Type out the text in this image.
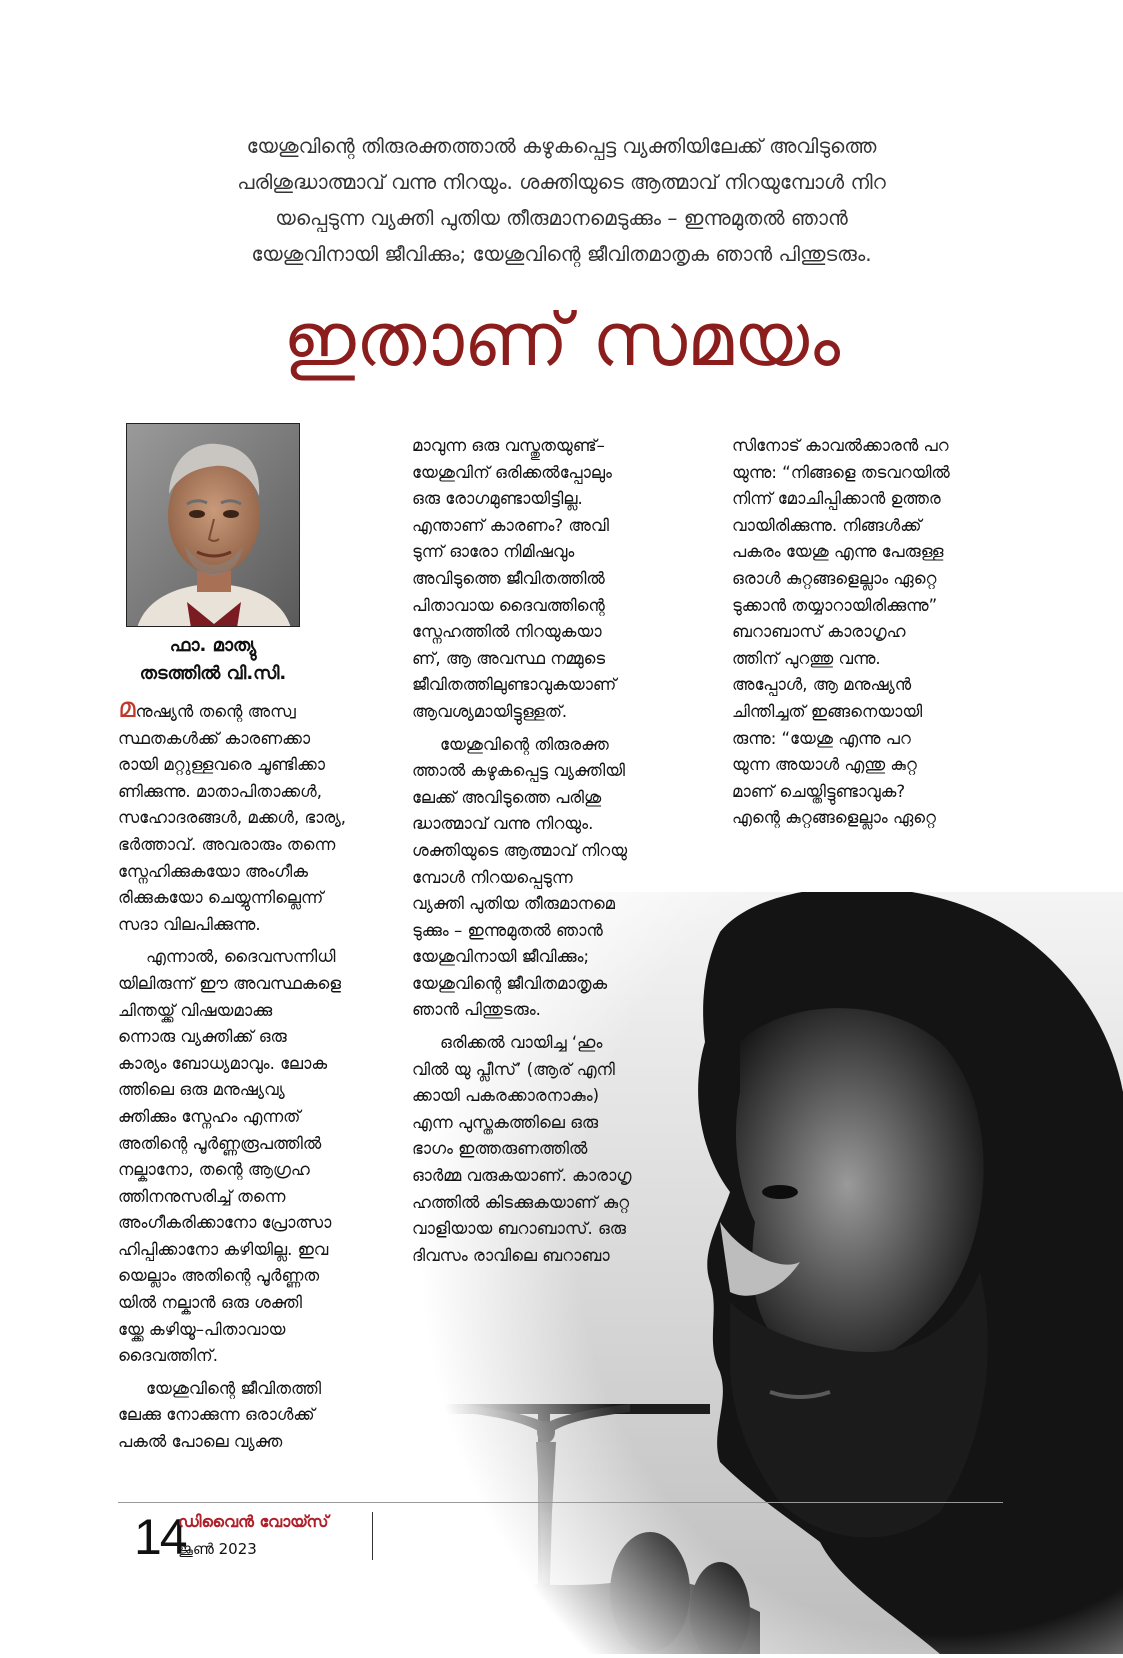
യേശുവിന്റെ തിരുരക്തത്താൽ കഴുകപ്പെട്ട വ്യക്തിയിലേക്ക് അവിടുത്തെ
പരിശുദ്ധാത്മാവ് വന്നു നിറയും. ശക്തിയുടെ ആത്മാവ് നിറയുമ്പോൾ നിറ
യപ്പെടുന്ന വ്യക്തി പുതിയ തീരുമാനമെടുക്കും – ഇന്നുമുതൽ ഞാൻ
യേശുവിനായി ജീവിക്കും; യേശുവിന്റെ ജീവിതമാതൃക ഞാൻ പിന്തുടരും.
ഇതാണ് സമയം
ഫാ. മാത്യു
തടത്തിൽ വി.സി.

മനുഷ്യൻ തന്റെ അസ്വ
സ്ഥതകൾക്ക് കാരണക്കാ
രായി മറ്റുള്ളവരെ ചൂണ്ടിക്കാ
ണിക്കുന്നു. മാതാപിതാക്കൾ,
സഹോദരങ്ങൾ, മക്കൾ, ഭാര്യ,
ഭർത്താവ്. അവരാരും തന്നെ
സ്നേഹിക്കുകയോ അംഗീക
രിക്കുകയോ ചെയ്യുന്നില്ലെന്ന്
സദാ വിലപിക്കുന്നു.

എന്നാൽ, ദൈവസന്നിധി
യിലിരുന്ന് ഈ അവസ്ഥകളെ
ചിന്തയ്ക്ക് വിഷയമാക്കു
ന്നൊരു വ്യക്തിക്ക് ഒരു
കാര്യം ബോധ്യമാവും. ലോക
ത്തിലെ ഒരു മനുഷ്യവ്യ
ക്തിക്കും സ്നേഹം എന്നത്
അതിന്റെ പൂർണ്ണരൂപത്തിൽ
നല്കാനോ, തന്റെ ആഗ്രഹ
ത്തിനനുസരിച്ച് തന്നെ
അംഗീകരിക്കാനോ പ്രോത്സാ
ഹിപ്പിക്കാനോ കഴിയില്ല. ഇവ
യെല്ലാം അതിന്റെ പൂർണ്ണത
യിൽ നല്കാൻ ഒരു ശക്തി
യ്ക്കേ കഴിയൂ–പിതാവായ
ദൈവത്തിന്.

യേശുവിന്റെ ജീവിതത്തി
ലേക്കു നോക്കുന്ന ഒരാൾക്ക്
പകൽ പോലെ വ്യക്ത

മാവുന്ന ഒരു വസ്തുതയുണ്ട്–
യേശുവിന് ഒരിക്കൽപ്പോലും
ഒരു രോഗമുണ്ടായിട്ടില്ല.
എന്താണ് കാരണം? അവി
ടുന്ന് ഓരോ നിമിഷവും
അവിടുത്തെ ജീവിതത്തിൽ
പിതാവായ ദൈവത്തിന്റെ
സ്നേഹത്തിൽ നിറയുകയാ
ണ്, ആ അവസ്ഥ നമ്മുടെ
ജീവിതത്തിലുണ്ടാവുകയാണ്
ആവശ്യമായിട്ടുള്ളത്.

യേശുവിന്റെ തിരുരക്ത
ത്താൽ കഴുകപ്പെട്ട വ്യക്തിയി
ലേക്ക് അവിടുത്തെ പരിശു
ദ്ധാത്മാവ് വന്നു നിറയും.
ശക്തിയുടെ ആത്മാവ് നിറയു
മ്പോൾ നിറയപ്പെടുന്ന
വ്യക്തി പുതിയ തീരുമാനമെ
ടുക്കും – ഇന്നുമുതൽ ഞാൻ
യേശുവിനായി ജീവിക്കും;
യേശുവിന്റെ ജീവിതമാതൃക
ഞാൻ പിന്തുടരും.

ഒരിക്കൽ വായിച്ച ‘ഹും
വിൽ യു പ്ലീസ്’ (ആര് എനി
ക്കായി പകരക്കാരനാകും)
എന്ന പുസ്തകത്തിലെ ഒരു
ഭാഗം ഇത്തരുണത്തിൽ
ഓർമ്മ വരുകയാണ്. കാരാഗൃ
ഹത്തിൽ കിടക്കുകയാണ് കുറ്റ
വാളിയായ ബറാബാസ്. ഒരു
ദിവസം രാവിലെ ബറാബാ

സിനോട് കാവൽക്കാരൻ പറ
യുന്നു: “നിങ്ങളെ തടവറയിൽ
നിന്ന് മോചിപ്പിക്കാൻ ഉത്തര
വായിരിക്കുന്നു. നിങ്ങൾക്ക്
പകരം യേശു എന്നു പേരുള്ള
ഒരാൾ കുറ്റങ്ങളെല്ലാം ഏറ്റെ
ടുക്കാൻ തയ്യാറായിരിക്കുന്നു”
ബറാബാസ് കാരാഗൃഹ
ത്തിന് പുറത്തു വന്നു.
അപ്പോൾ, ആ മനുഷ്യൻ
ചിന്തിച്ചത് ഇങ്ങനെയായി
രുന്നു: “യേശു എന്നു പറ
യുന്ന അയാൾ എന്തു കുറ്റ
മാണ് ചെയ്തിട്ടുണ്ടാവുക?
എന്റെ കുറ്റങ്ങളെല്ലാം ഏറ്റെ

14
ഡിവൈൻ വോയ്സ്
ജൂൺ 2023
